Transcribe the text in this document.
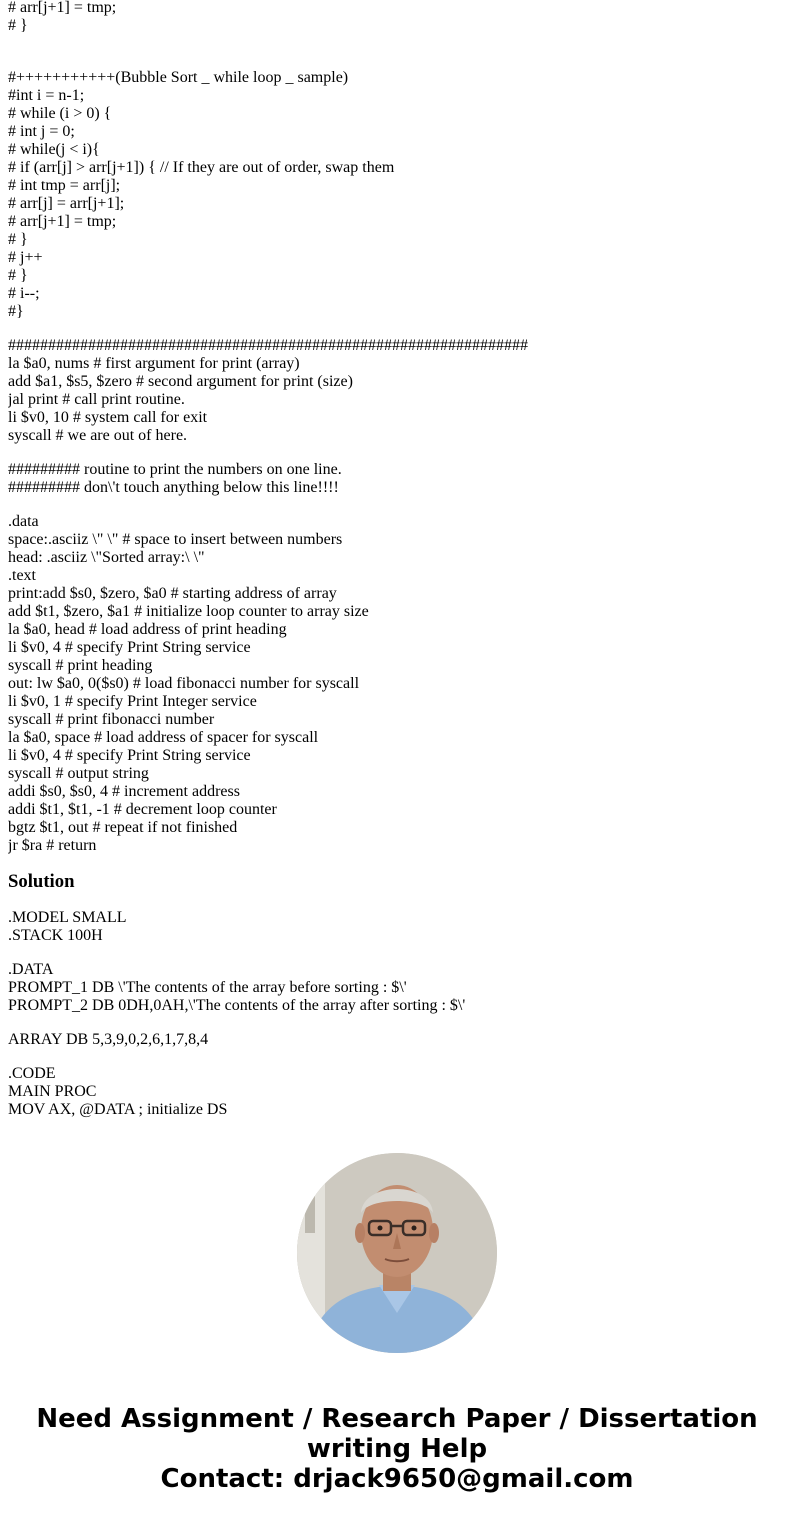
# arr[j+1] = tmp;
# }
#+++++++++++(Bubble Sort _ while loop _ sample)
#int i = n-1;
# while (i > 0) {
# int j = 0;
# while(j < i){
# if (arr[j] > arr[j+1]) { // If they are out of order, swap them
# int tmp = arr[j];
# arr[j] = arr[j+1];
# arr[j+1] = tmp;
# }
# j++
# }
# i--;
#}
#################################################################
la $a0, nums # first argument for print (array)
add $a1, $s5, $zero # second argument for print (size)
jal print # call print routine.
li $v0, 10 # system call for exit
syscall # we are out of here.
######### routine to print the numbers on one line.
######### don\'t touch anything below this line!!!!
.data
space:.asciiz \" \" # space to insert between numbers
head: .asciiz \"Sorted array:\ \"
.text
print:add $s0, $zero, $a0 # starting address of array
add $t1, $zero, $a1 # initialize loop counter to array size
la $a0, head # load address of print heading
li $v0, 4 # specify Print String service
syscall # print heading
out: lw $a0, 0($s0) # load fibonacci number for syscall
li $v0, 1 # specify Print Integer service
syscall # print fibonacci number
la $a0, space # load address of spacer for syscall
li $v0, 4 # specify Print String service
syscall # output string
addi $s0, $s0, 4 # increment address
addi $t1, $t1, -1 # decrement loop counter
bgtz $t1, out # repeat if not finished
jr $ra # return
Solution
.MODEL SMALL
.STACK 100H
.DATA
PROMPT_1 DB \'The contents of the array before sorting : $\'
PROMPT_2 DB 0DH,0AH,\'The contents of the array after sorting : $\'
ARRAY DB 5,3,9,0,2,6,1,7,8,4
.CODE
MAIN PROC
MOV AX, @DATA ; initialize DS
Need Assignment / Research Paper / Dissertation
writing Help
Contact: drjack9650@gmail.com
